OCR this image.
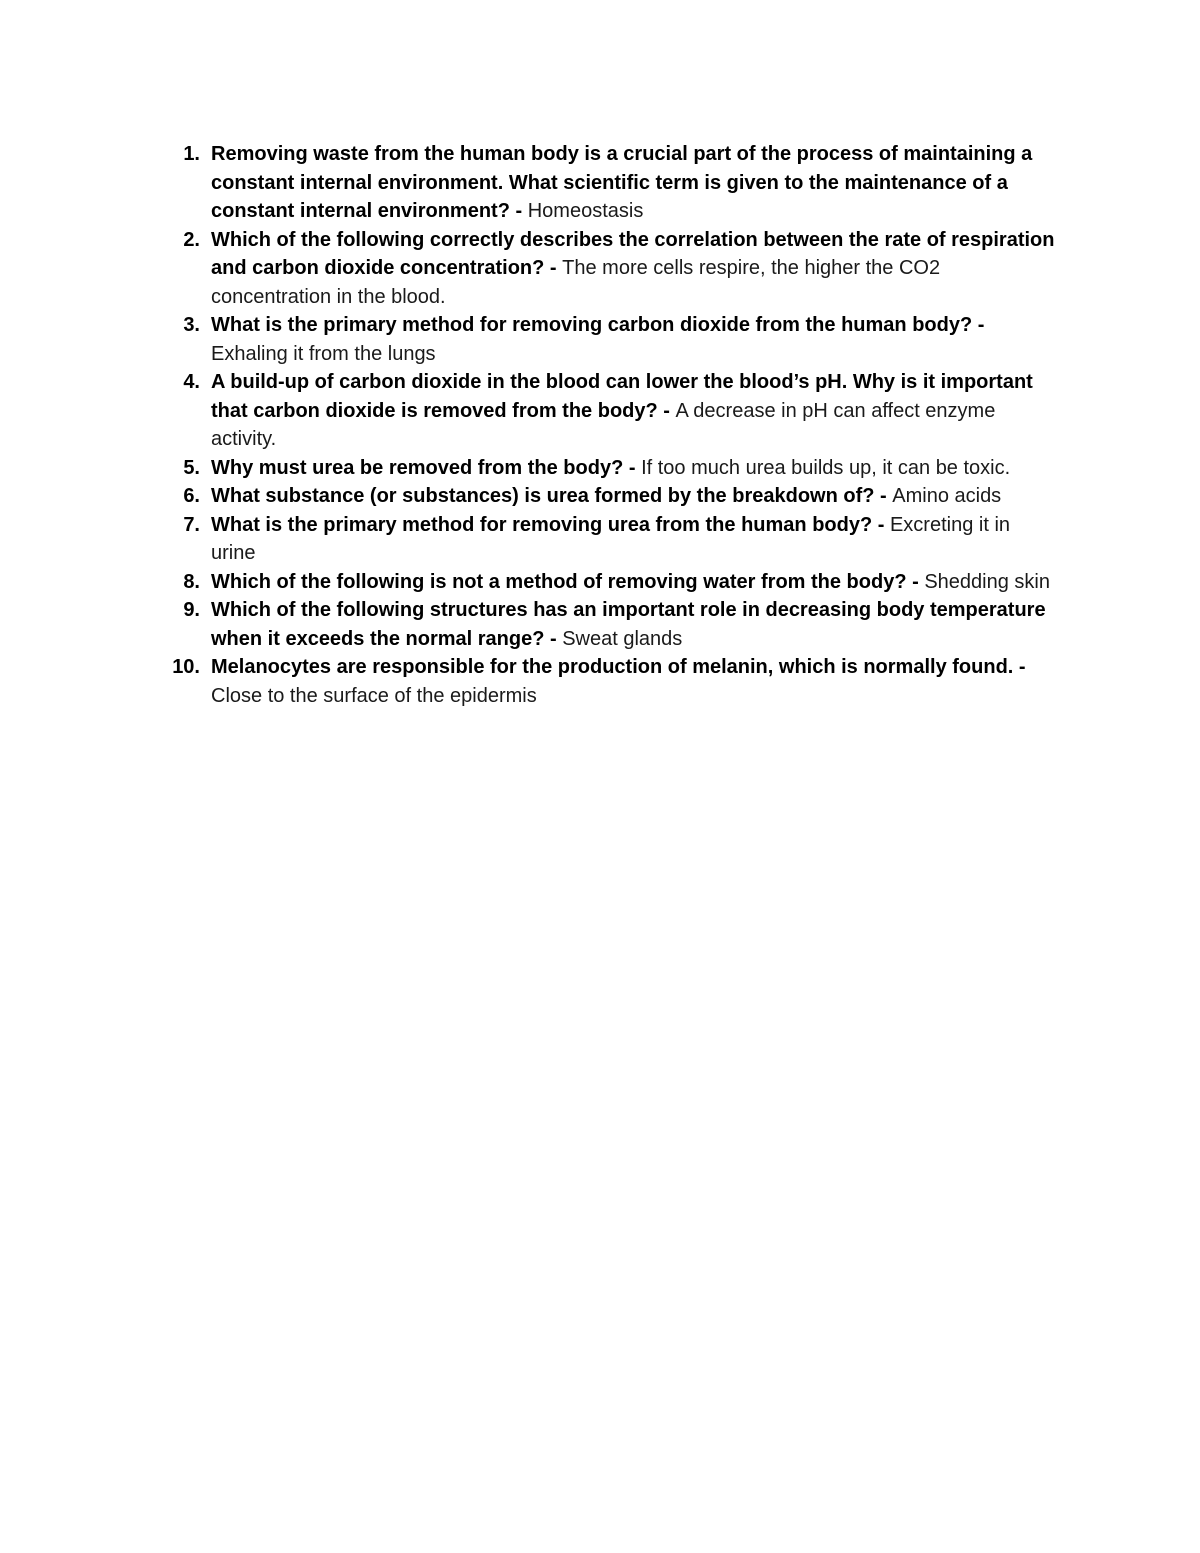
1. Removing waste from the human body is a crucial part of the process of maintaining a constant internal environment. What scientific term is given to the maintenance of a constant internal environment? - Homeostasis
2. Which of the following correctly describes the correlation between the rate of respiration and carbon dioxide concentration? - The more cells respire, the higher the CO2 concentration in the blood.
3. What is the primary method for removing carbon dioxide from the human body? - Exhaling it from the lungs
4. A build-up of carbon dioxide in the blood can lower the blood’s pH. Why is it important that carbon dioxide is removed from the body? - A decrease in pH can affect enzyme activity.
5. Why must urea be removed from the body? - If too much urea builds up, it can be toxic.
6. What substance (or substances) is urea formed by the breakdown of? - Amino acids
7. What is the primary method for removing urea from the human body? - Excreting it in urine
8. Which of the following is not a method of removing water from the body? - Shedding skin
9. Which of the following structures has an important role in decreasing body temperature when it exceeds the normal range? - Sweat glands
10. Melanocytes are responsible for the production of melanin, which is normally found. - Close to the surface of the epidermis
